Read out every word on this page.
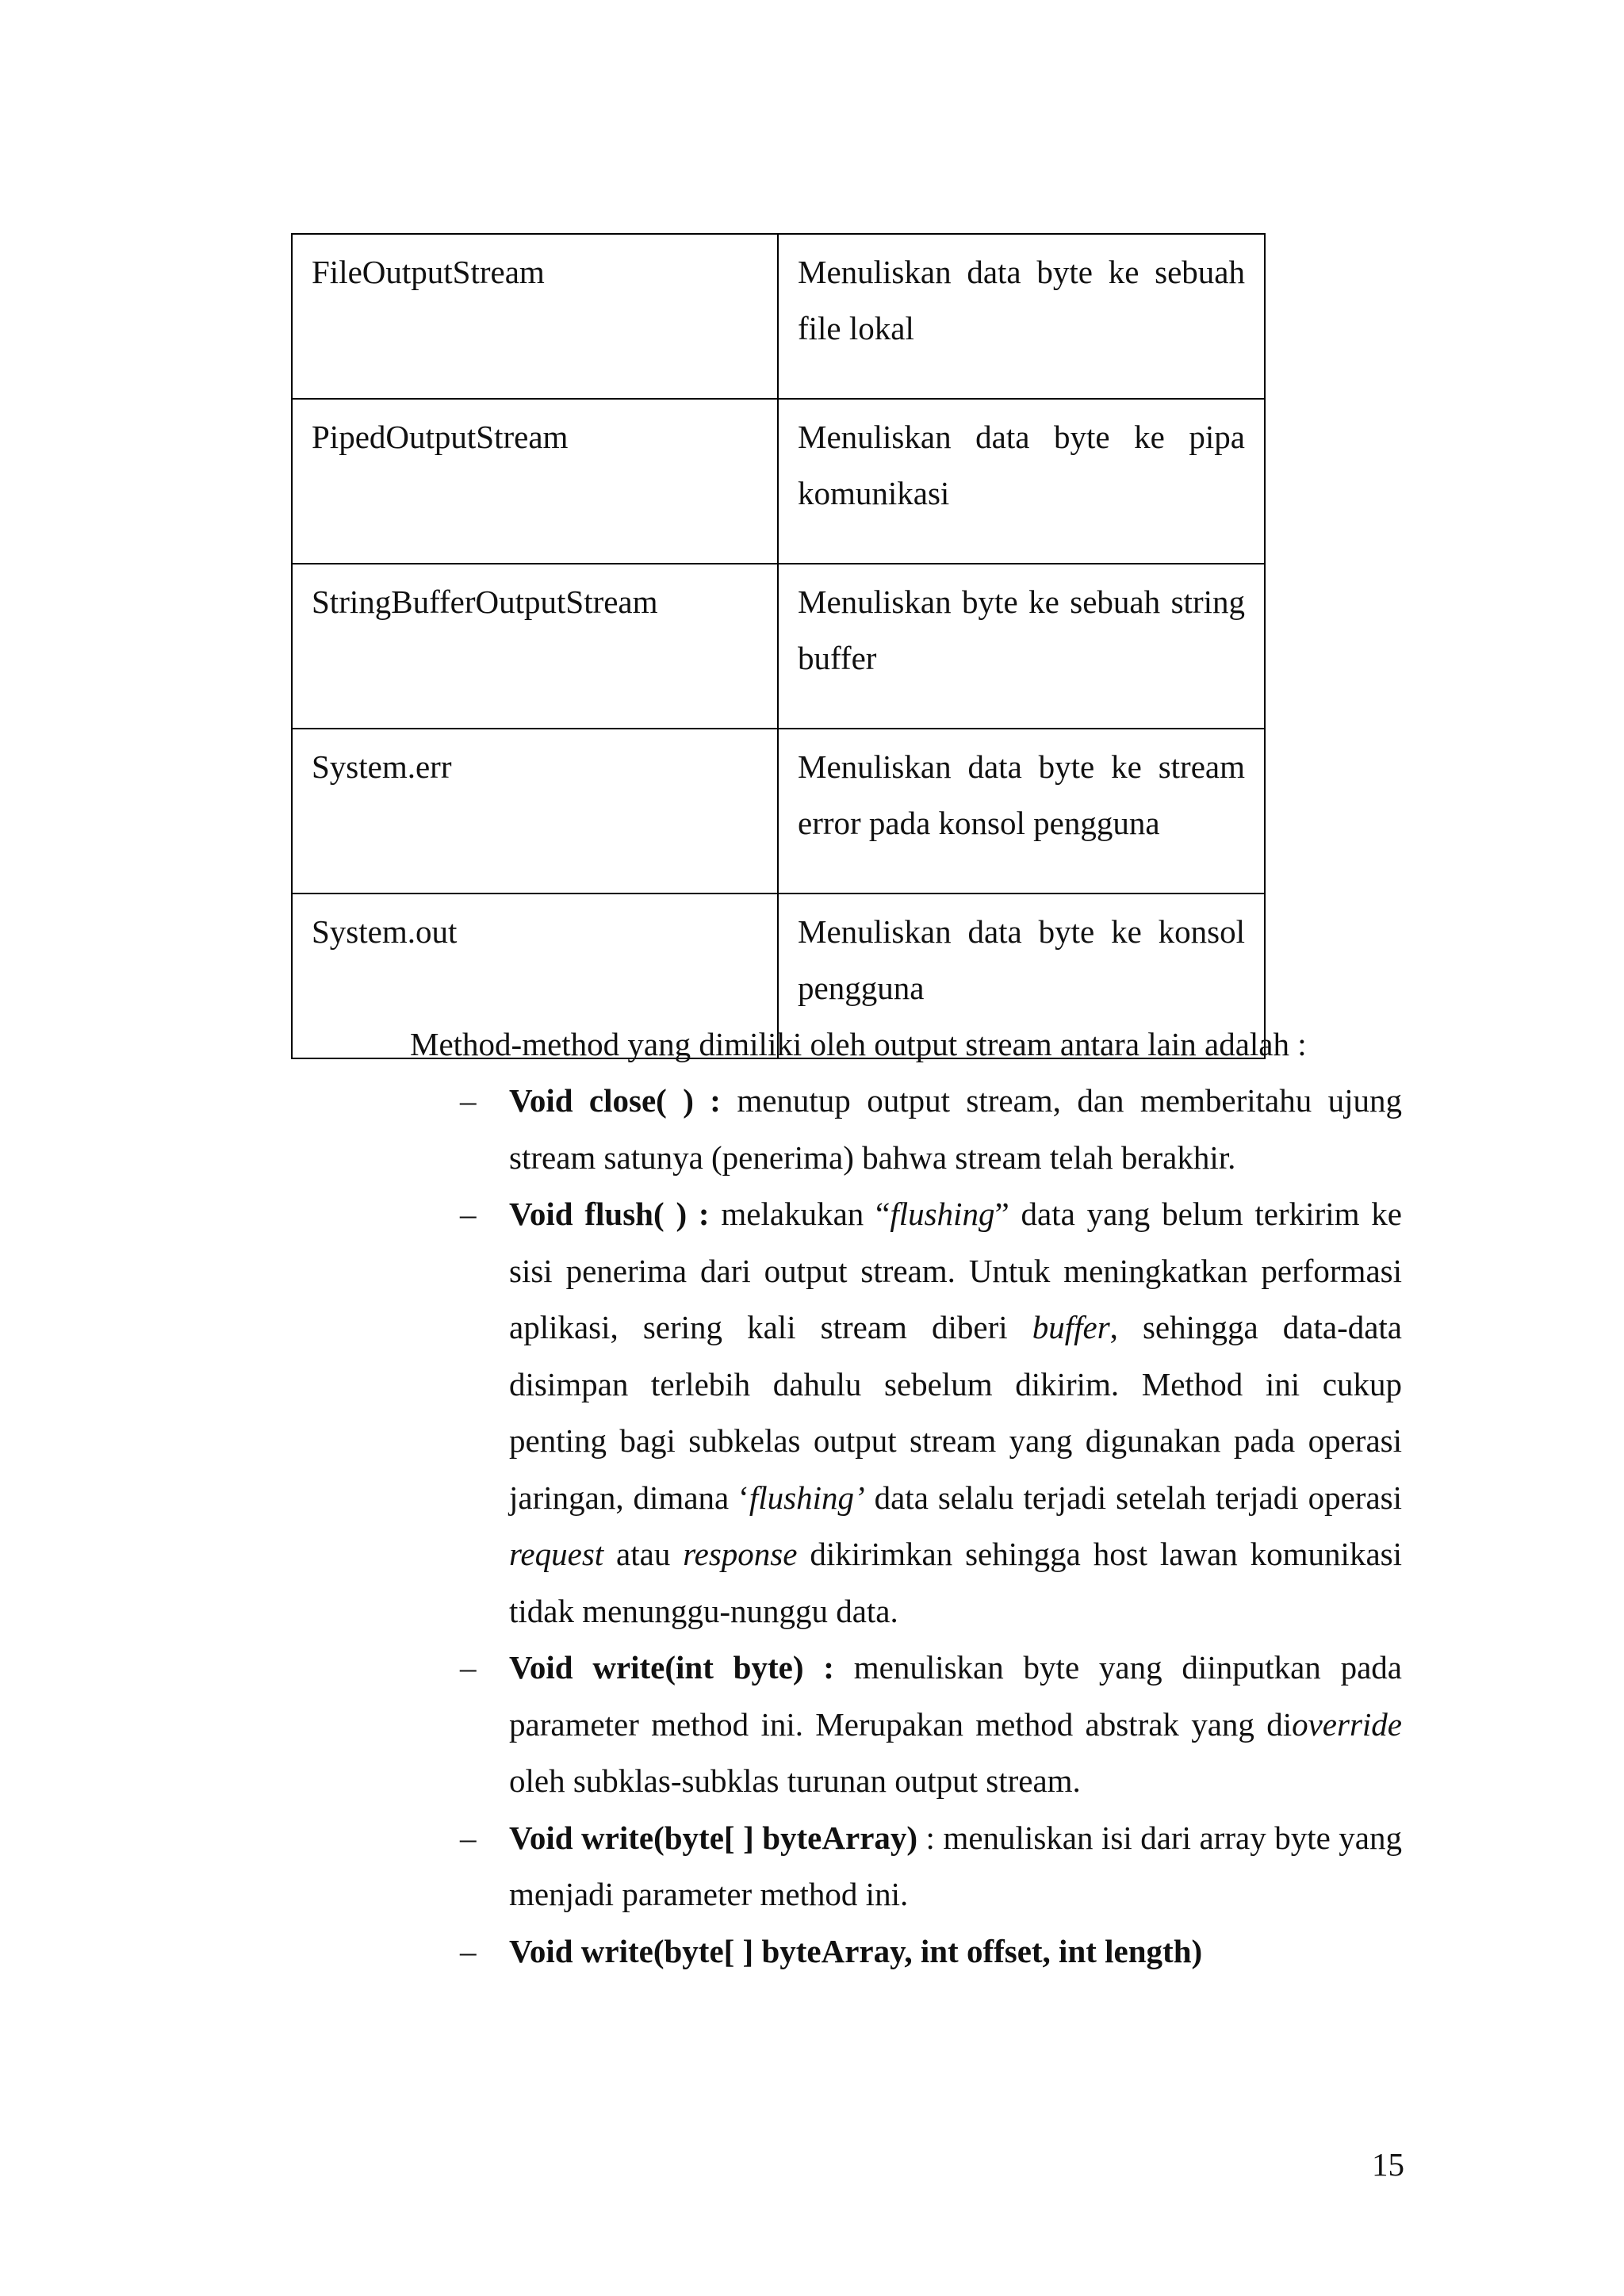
FileOutputStream	Menuliskan data byte ke sebuah file lokal
PipedOutputStream	Menuliskan data byte ke pipa komunikasi
StringBufferOutputStream	Menuliskan byte ke sebuah string buffer
System.err	Menuliskan data byte ke stream error pada konsol pengguna
System.out	Menuliskan data byte ke konsol pengguna

Method-method yang dimiliki oleh output stream antara lain adalah :

– Void close( ) : menutup output stream, dan memberitahu ujung stream satunya (penerima) bahwa stream telah berakhir.
– Void flush( ) : melakukan “flushing” data yang belum terkirim ke sisi penerima dari output stream. Untuk meningkatkan performasi aplikasi, sering kali stream diberi buffer, sehingga data-data disimpan terlebih dahulu sebelum dikirim. Method ini cukup penting bagi subkelas output stream yang digunakan pada operasi jaringan, dimana ‘flushing’ data selalu terjadi setelah terjadi operasi request atau response dikirimkan sehingga host lawan komunikasi tidak menunggu-nunggu data.
– Void write(int byte) : menuliskan byte yang diinputkan pada parameter method ini. Merupakan method abstrak yang dioverride oleh subklas-subklas turunan output stream.
– Void write(byte[ ] byteArray) : menuliskan isi dari array byte yang menjadi parameter method ini.
– Void write(byte[ ] byteArray, int offset, int length)
15
